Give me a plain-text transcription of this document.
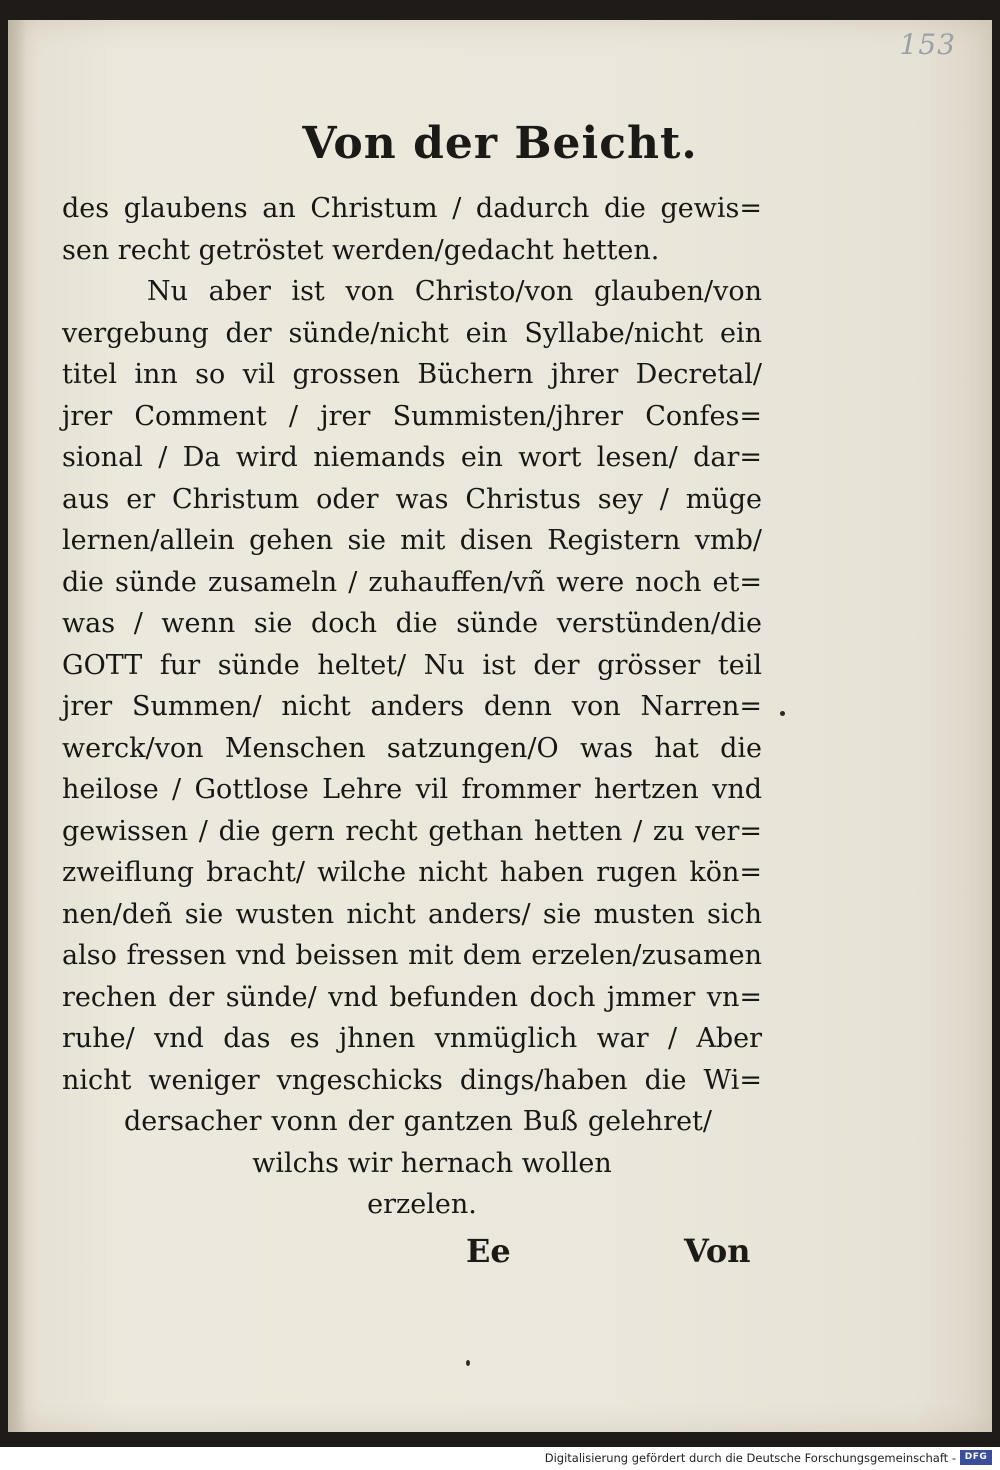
153
Von der Beicht.
des glaubens an Christum / dadurch die gewis=
sen recht getröstet werden/gedacht hetten.
Nu aber ist von Christo/von glauben/von
vergebung der sünde/nicht ein Syllabe/nicht ein
titel inn so vil grossen Büchern jhrer Decretal/
jrer Comment / jrer Summisten/jhrer Confes=
sional / Da wird niemands ein wort lesen/ dar=
aus er Christum oder was Christus sey / müge
lernen/allein gehen sie mit disen Registern vmb/
die sünde zusameln / zuhauffen/vñ were noch et=
was / wenn sie doch die sünde verstünden/die
GOTT fur sünde heltet/ Nu ist der grösser teil
jrer Summen/ nicht anders denn von Narren=
werck/von Menschen satzungen/O was hat die
heilose / Gottlose Lehre vil frommer hertzen vnd
gewissen / die gern recht gethan hetten / zu ver=
zweiflung bracht/ wilche nicht haben rugen kön=
nen/deñ sie wusten nicht anders/ sie musten sich
also fressen vnd beissen mit dem erzelen/zusamen
rechen der sünde/ vnd befunden doch jmmer vn=
ruhe/ vnd das es jhnen vnmüglich war / Aber
nicht weniger vngeschicks dings/haben die Wi=
dersacher vonn der gantzen Buß gelehret/
wilchs wir hernach wollen
erzelen.
Ee	Von
Digitalisierung gefördert durch die Deutsche Forschungsgemeinschaft - DFG
